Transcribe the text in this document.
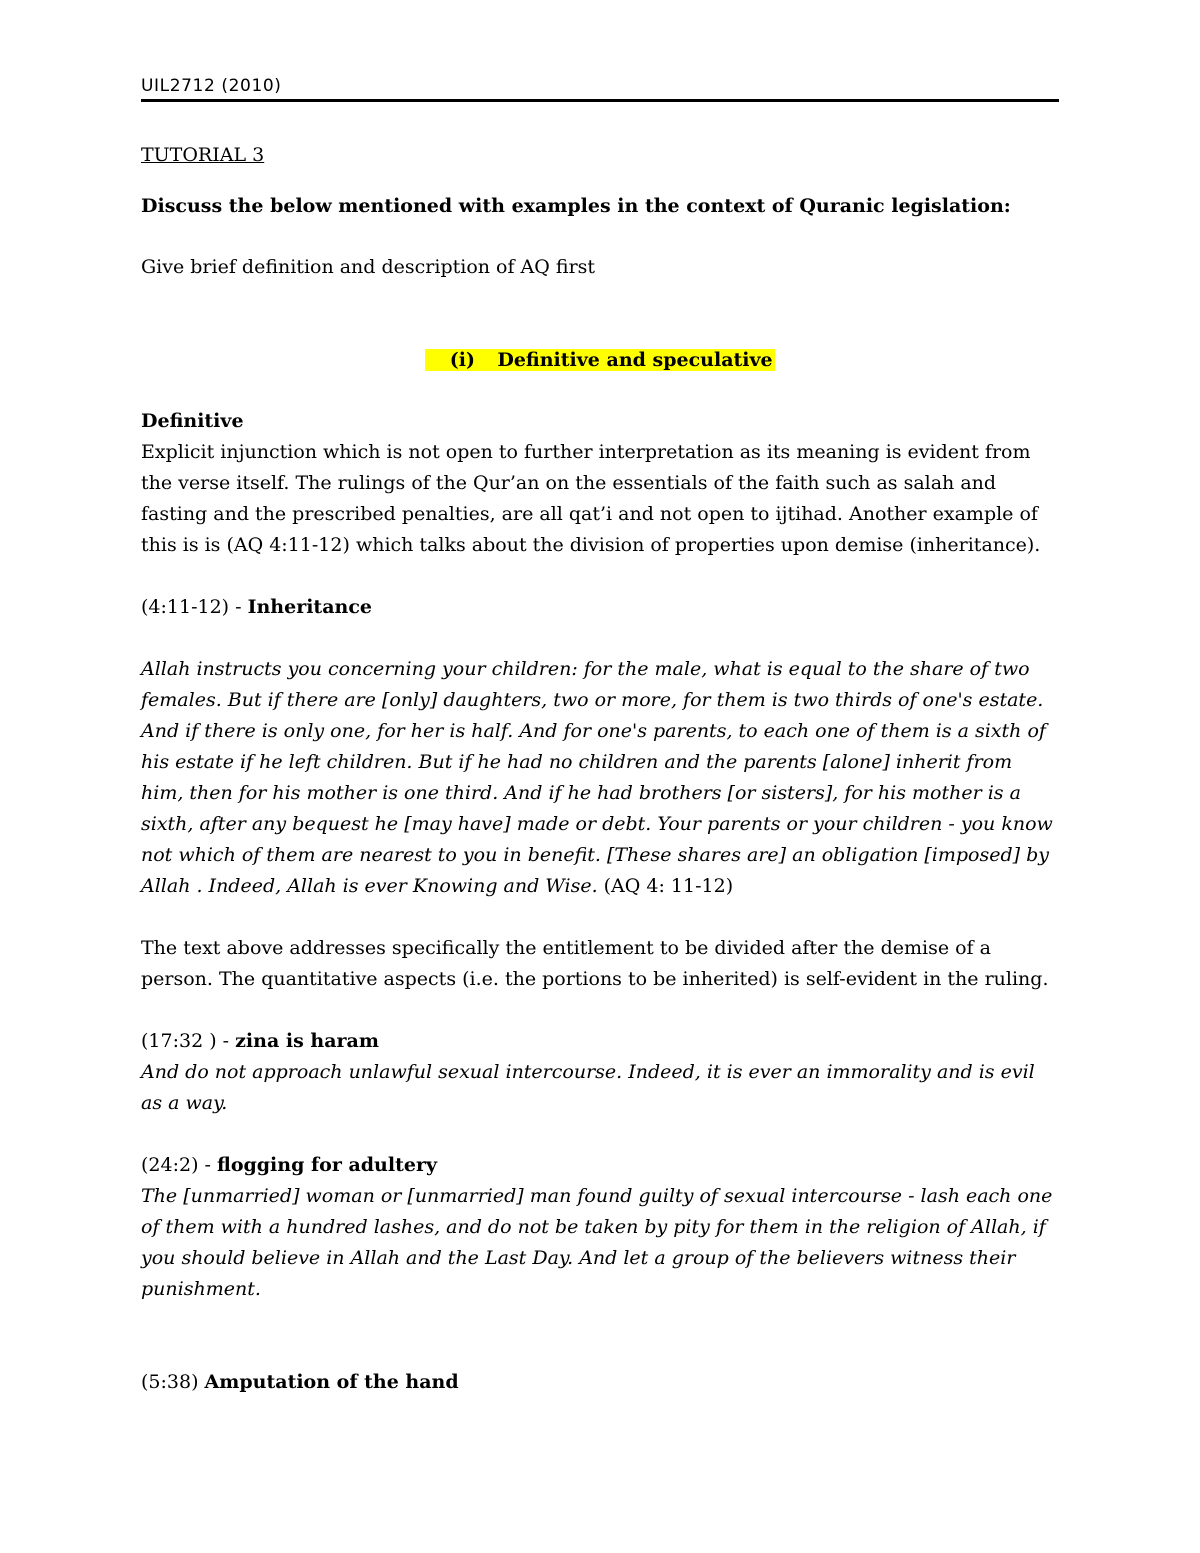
UIL2712 (2010)

TUTORIAL 3

Discuss the below mentioned with examples in the context of Quranic legislation:

Give brief definition and description of AQ first

(i) Definitive and speculative

Definitive

Explicit injunction which is not open to further interpretation as its meaning is evident from the verse itself. The rulings of the Qur’an on the essentials of the faith such as salah and fasting and the prescribed penalties, are all qat’i and not open to ijtihad. Another example of this is is (AQ 4:11-12) which talks about the division of properties upon demise (inheritance).

(4:11-12) - Inheritance

Allah instructs you concerning your children: for the male, what is equal to the share of two females. But if there are [only] daughters, two or more, for them is two thirds of one's estate. And if there is only one, for her is half. And for one's parents, to each one of them is a sixth of his estate if he left children. But if he had no children and the parents [alone] inherit from him, then for his mother is one third. And if he had brothers [or sisters], for his mother is a sixth, after any bequest he [may have] made or debt. Your parents or your children - you know not which of them are nearest to you in benefit. [These shares are] an obligation [imposed] by Allah . Indeed, Allah is ever Knowing and Wise. (AQ 4: 11-12)

The text above addresses specifically the entitlement to be divided after the demise of a person. The quantitative aspects (i.e. the portions to be inherited) is self-evident in the ruling.

(17:32 ) - zina is haram

And do not approach unlawful sexual intercourse. Indeed, it is ever an immorality and is evil as a way.

(24:2) - flogging for adultery

The [unmarried] woman or [unmarried] man found guilty of sexual intercourse - lash each one of them with a hundred lashes, and do not be taken by pity for them in the religion of Allah, if you should believe in Allah and the Last Day. And let a group of the believers witness their punishment.

(5:38) Amputation of the hand
